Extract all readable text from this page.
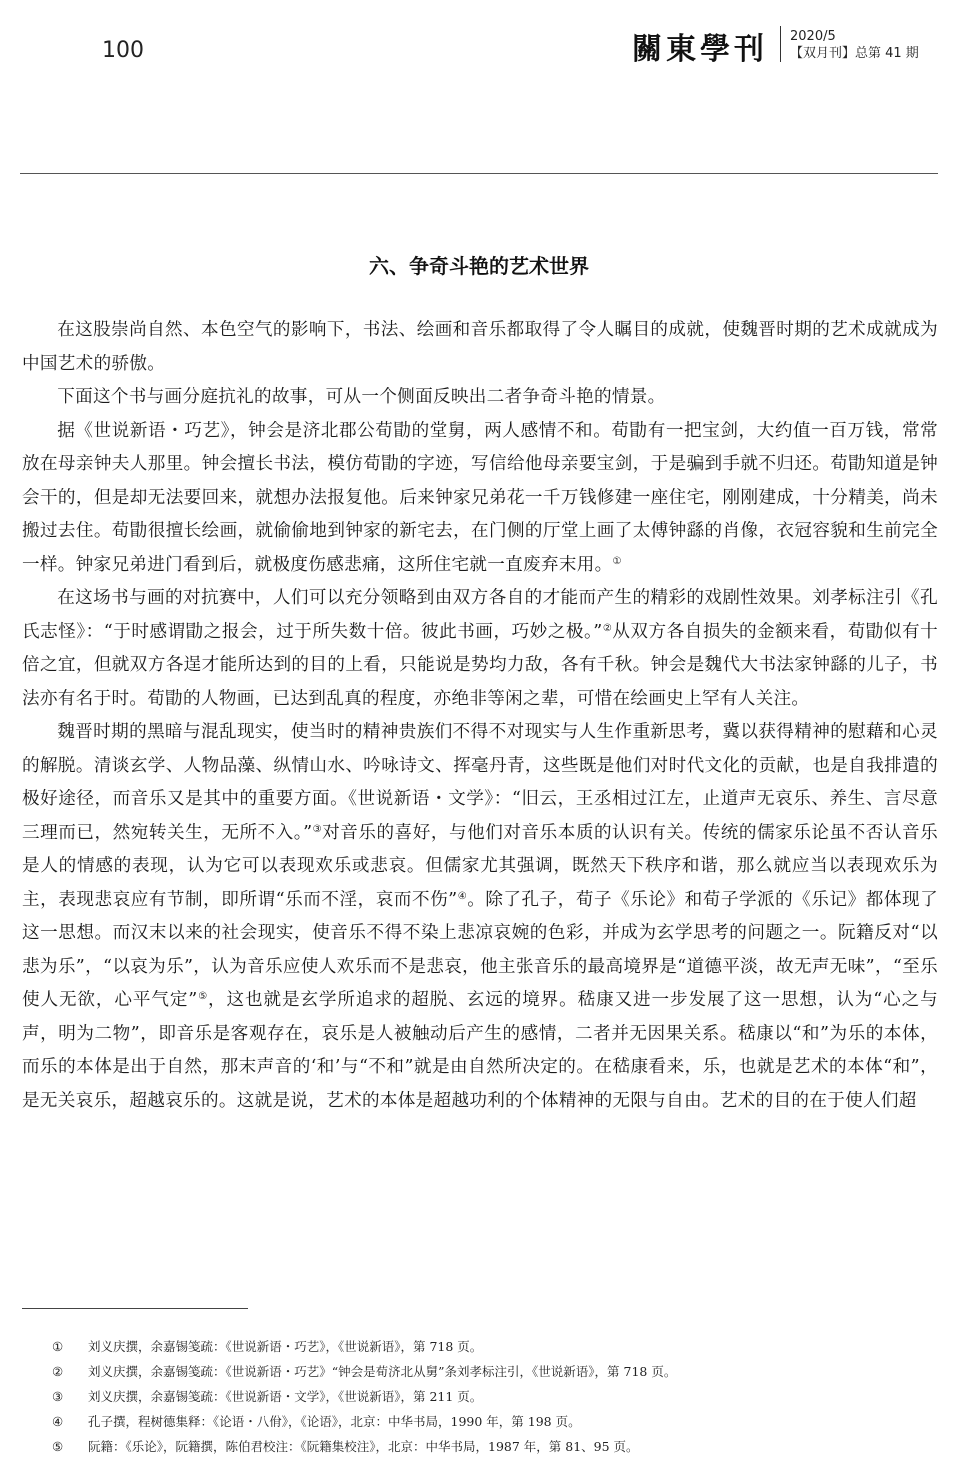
100	關東學刊 2020/5
【双月刊】总第 41 期
六、争奇斗艳的艺术世界

在这股崇尚自然、本色空气的影响下，书法、绘画和音乐都取得了令人瞩目的成就，使魏晋时期的艺术成就成为中国艺术的骄傲。

下面这个书与画分庭抗礼的故事，可从一个侧面反映出二者争奇斗艳的情景。

据《世说新语・巧艺》，钟会是济北郡公荀勖的堂舅，两人感情不和。荀勖有一把宝剑，大约值一百万钱，常常放在母亲钟夫人那里。钟会擅长书法，模仿荀勖的字迹，写信给他母亲要宝剑，于是骗到手就不归还。荀勖知道是钟会干的，但是却无法要回来，就想办法报复他。后来钟家兄弟花一千万钱修建一座住宅，刚刚建成，十分精美，尚未搬过去住。荀勖很擅长绘画，就偷偷地到钟家的新宅去，在门侧的厅堂上画了太傅钟繇的肖像，衣冠容貌和生前完全一样。钟家兄弟进门看到后，就极度伤感悲痛，这所住宅就一直废弃末用。①

在这场书与画的对抗赛中，人们可以充分领略到由双方各自的才能而产生的精彩的戏剧性效果。刘孝标注引《孔氏志怪》：“于时感谓勖之报会，过于所失数十倍。彼此书画，巧妙之极。”②从双方各自损失的金额来看，荀勖似有十倍之宜，但就双方各逞才能所达到的目的上看，只能说是势均力敌，各有千秋。钟会是魏代大书法家钟繇的儿子，书法亦有名于时。荀勖的人物画，已达到乱真的程度，亦绝非等闲之辈，可惜在绘画史上罕有人关注。

魏晋时期的黑暗与混乱现实，使当时的精神贵族们不得不对现实与人生作重新思考，冀以获得精神的慰藉和心灵的解脱。清谈玄学、人物品藻、纵情山水、吟咏诗文、挥毫丹青，这些既是他们对时代文化的贡献，也是自我排遣的极好途径，而音乐又是其中的重要方面。《世说新语・文学》：“旧云，王丞相过江左，止道声无哀乐、养生、言尽意三理而已，然宛转关生，无所不入。”③对音乐的喜好，与他们对音乐本质的认识有关。传统的儒家乐论虽不否认音乐是人的情感的表现，认为它可以表现欢乐或悲哀。但儒家尤其强调，既然天下秩序和谐，那么就应当以表现欢乐为主，表现悲哀应有节制，即所谓“乐而不淫，哀而不伤”④。除了孔子，荀子《乐论》和荀子学派的《乐记》都体现了这一思想。而汉末以来的社会现实，使音乐不得不染上悲凉哀婉的色彩，并成为玄学思考的问题之一。阮籍反对“以悲为乐”，“以哀为乐”，认为音乐应使人欢乐而不是悲哀，他主张音乐的最高境界是“道德平淡，故无声无味”，“至乐使人无欲，心平气定”⑤，这也就是玄学所追求的超脱、玄远的境界。嵇康又进一步发展了这一思想，认为“心之与声，明为二物”，即音乐是客观存在，哀乐是人被触动后产生的感情，二者并无因果关系。嵇康以“和”为乐的本体，而乐的本体是出于自然，那末声音的‘和’与“不和”就是由自然所决定的。在嵇康看来，乐，也就是艺术的本体“和”，是无关哀乐，超越哀乐的。这就是说，艺术的本体是超越功利的个体精神的无限与自由。艺术的目的在于使人们超

①	刘义庆撰，余嘉锡笺疏：《世说新语・巧艺》，《世说新语》，第 718 页。
②	刘义庆撰，余嘉锡笺疏：《世说新语・巧艺》“钟会是荀济北从舅”条刘孝标注引，《世说新语》，第 718 页。
③	刘义庆撰，余嘉锡笺疏：《世说新语・文学》，《世说新语》，第 211 页。
④	孔子撰，程树德集释：《论语・八佾》，《论语》，北京：中华书局，1990 年，第 198 页。
⑤	阮籍：《乐论》，阮籍撰，陈伯君校注：《阮籍集校注》，北京：中华书局，1987 年，第 81、95 页。
